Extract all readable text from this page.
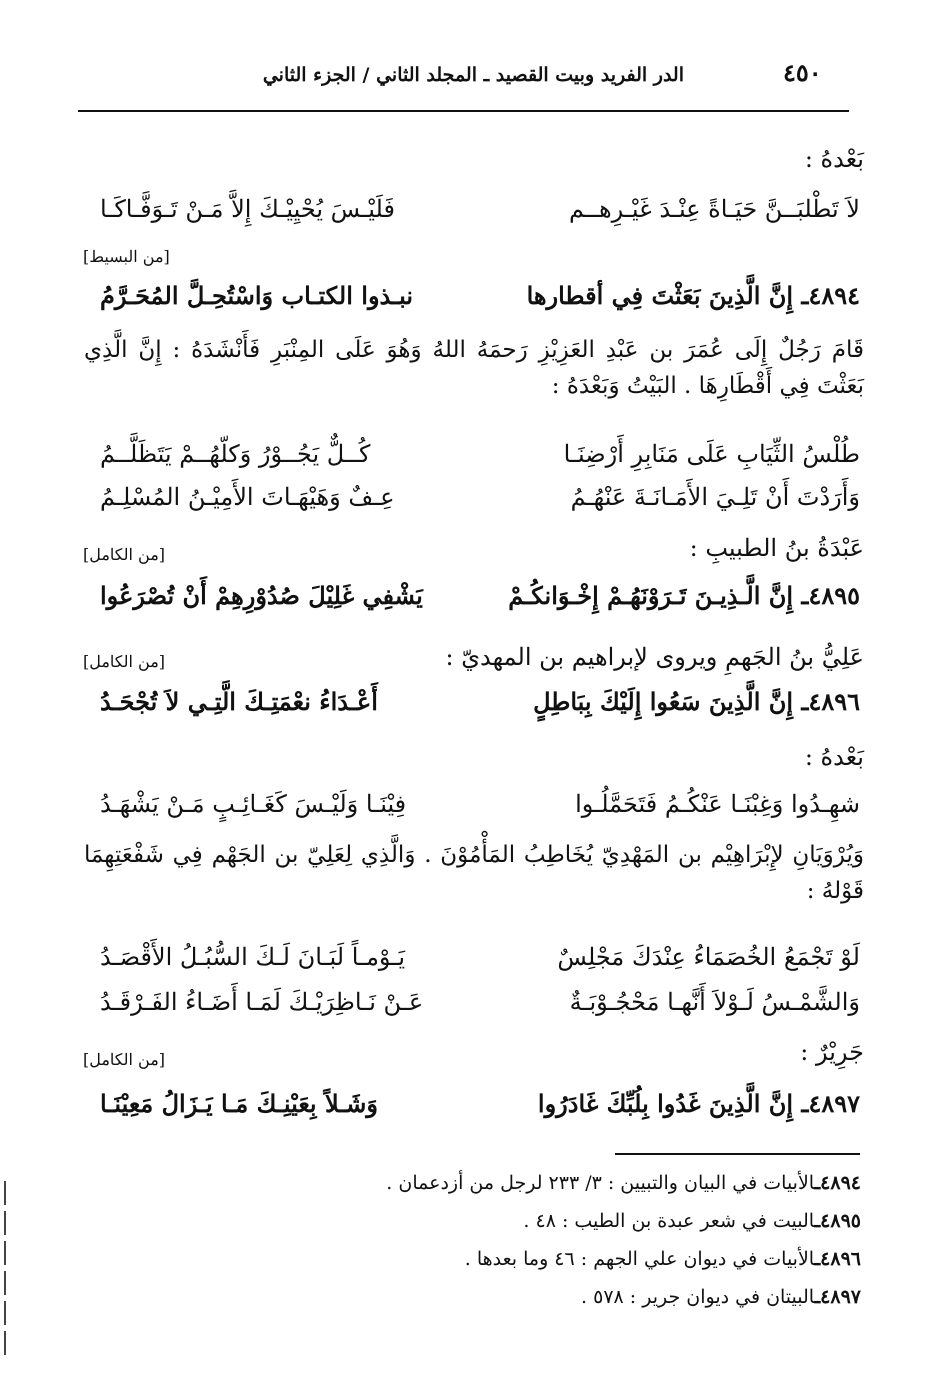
الدر الفريد وبيت القصيد ـ المجلد الثاني / الجزء الثاني	٤٥٠
بَعْدهُ :
لاَ تَطْلبَــنَّ حَيَـاةً عِنْـدَ غَيْـرِهــم
فَلَيْـسَ يُحْيِيْـكَ إِلاَّ مَـنْ تَـوَفَّـاكَـا
[من البسيط]
٤٨٩٤ـ إِنَّ الَّذِينَ بَعَثْتَ فِي أقطارها
نبـذوا الكتـاب وَاسْتُحِـلَّ المُحَـرَّمُ
قَامَ رَجُلٌ إِلَى عُمَرَ بن عَبْدِ العَزِيْزِ رَحمَهُ اللهُ وَهُوَ عَلَى المِنْبَرِ فَأَنْشَدَهُ : إِنَّ الَّذِي بَعَثْتَ فِي أَقْطَارِهَا . البَيْتُ وَبَعْدَهُ :
طُلْسُ الثِّيَابِ عَلَى مَنَابِرِ أَرْضِنَـا
كُــلٌّ يَجُــوْرُ وَكلّهُــمْ يَتَظَلَّــمُ
وَأَرَدْتَ أَنْ تَلِـيَ الأَمَـانَـةَ عَنْهُـمُ
عِـفٌ وَهَيْهَـاتَ الأَمِيْـنُ المُسْلِـمُ
عَبْدَةُ بنُ الطبيبِ :
[من الكامل]
٤٨٩٥ـ إِنَّ الَّـذِيـنَ تَـرَوْنَهُـمْ إِخْـوَانكُـمْ
يَشْفِي غَلِيْلَ صُدُوْرِهِمْ أَنْ تُصْرَعُوا
عَلِيُّ بنُ الجَهمِ ويروى لإبراهيم بن المهديّ :
[من الكامل]
٤٨٩٦ـ إِنَّ الَّذِينَ سَعُوا إِلَيْكَ بِبَاطِلٍ
أَعْـدَاءُ نعْمَتِـكَ الَّتِـي لاَ تُجْحَـدُ
بَعْدهُ :
شهِـدُوا وَغِبْنَـا عَنْكُـمُ فَتَحَمَّلُـوا
فِيْنَـا وَلَيْـسَ كَغَـائِـبٍ مَـنْ يَشْهَـدُ
وَيُرْوَيَانِ لإِبْرَاهِيْم بن المَهْدِيّ يُخَاطِبُ المَأْمُوْنَ . وَالَّذِي لِعَلِيّ بن الجَهْم فِي شَفْعَتِهِمَا قَوْلهُ :
لَوْ تَجْمَعُ الخُصَمَاءُ عِنْدَكَ مَجْلِسٌ
يَـوْمـاً لَبَـانَ لَـكَ السُّبُـلُ الأَقْصَـدُ
وَالشَّمْـسُ لَـوْلاَ أَنَّهـا مَحْجُـوْبَـةٌ
عَـنْ نَـاظِرَيْـكَ لَمَـا أَضَـاءُ الفَـرْقَـدُ
جَرِيْرٌ :
[من الكامل]
٤٨٩٧ـ إِنَّ الَّذِينَ غَدُوا بِلُبِّكَ غَادَرُوا
وَشَـلاً بِعَيْنِـكَ مَـا يَـزَالُ مَعِيْنَـا
٤٨٩٤ـالأبيات في البيان والتبيين : ٣/ ٢٣٣ لرجل من أزدعمان .
٤٨٩٥ـالبيت في شعر عبدة بن الطيب : ٤٨ .
٤٨٩٦ـالأبيات في ديوان علي الجهم : ٤٦ وما بعدها .
٤٨٩٧ـالبيتان في ديوان جرير : ٥٧٨ .
